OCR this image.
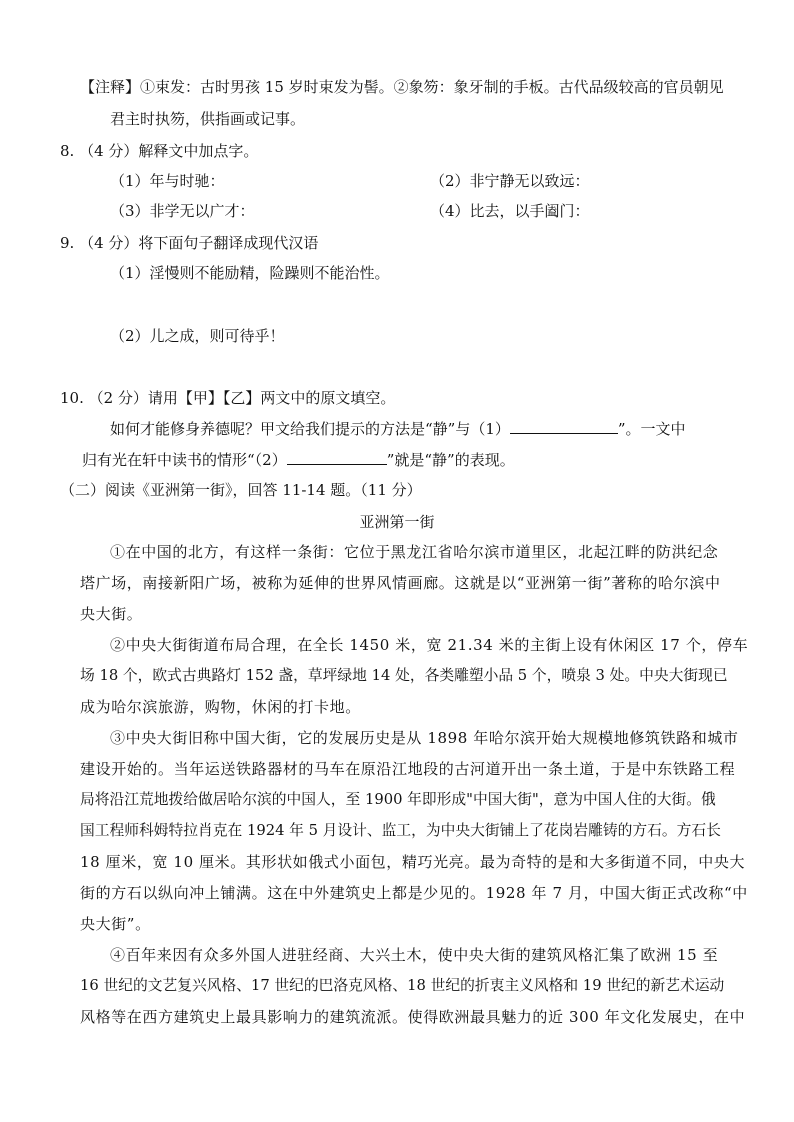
【注释】①束发：古时男孩 15 岁时束发为髻。②象笏：象牙制的手板。古代品级较高的官员朝见
君主时执笏，供指画或记事。
8. （4 分）解释文中加点字。
（1）年与时驰：	（2）非宁静无以致远：
（3）非学无以广才：	（4）比去，以手阖门：
9. （4 分）将下面句子翻译成现代汉语
（1）淫慢则不能励精，险躁则不能治性。
（2）儿之成，则可待乎！
10. （2 分）请用【甲】【乙】两文中的原文填空。
如何才能修身养德呢？甲文给我们提示的方法是“静”与（1）	”。一文中
归有光在轩中读书的情形“（2）	”就是“静”的表现。
（二）阅读《亚洲第一街》，回答 11-14 题。（11 分）
亚洲第一街
①在中国的北方，有这样一条街：它位于黑龙江省哈尔滨市道里区，北起江畔的防洪纪念
塔广场，南接新阳广场，被称为延伸的世界风情画廊。这就是以“亚洲第一街”著称的哈尔滨中
央大街。
②中央大街街道布局合理，在全长 1450 米，宽 21.34 米的主街上设有休闲区 17 个，停车
场 18 个，欧式古典路灯 152 盏，草坪绿地 14 处，各类雕塑小品 5 个，喷泉 3 处。中央大街现已
成为哈尔滨旅游，购物，休闲的打卡地。
③中央大街旧称中国大街，它的发展历史是从 1898 年哈尔滨开始大规模地修筑铁路和城市
建设开始的。当年运送铁路器材的马车在原沿江地段的古河道开出一条土道，于是中东铁路工程
局将沿江荒地拨给做居哈尔滨的中国人，至 1900 年即形成"中国大街"，意为中国人住的大街。俄
国工程师科姆特拉肖克在 1924 年 5 月设计、监工，为中央大街铺上了花岗岩雕铸的方石。方石长
18 厘米，宽 10 厘米。其形状如俄式小面包，精巧光亮。最为奇特的是和大多街道不同，中央大
街的方石以纵向冲上铺满。这在中外建筑史上都是少见的。1928 年 7 月，中国大街正式改称“中
央大街”。
④百年来因有众多外国人进驻经商、大兴土木，使中央大街的建筑风格汇集了欧洲 15 至
16 世纪的文艺复兴风格、17 世纪的巴洛克风格、18 世纪的折衷主义风格和 19 世纪的新艺术运动
风格等在西方建筑史上最具影响力的建筑流派。使得欧洲最具魅力的近 300 年文化发展史，在中
